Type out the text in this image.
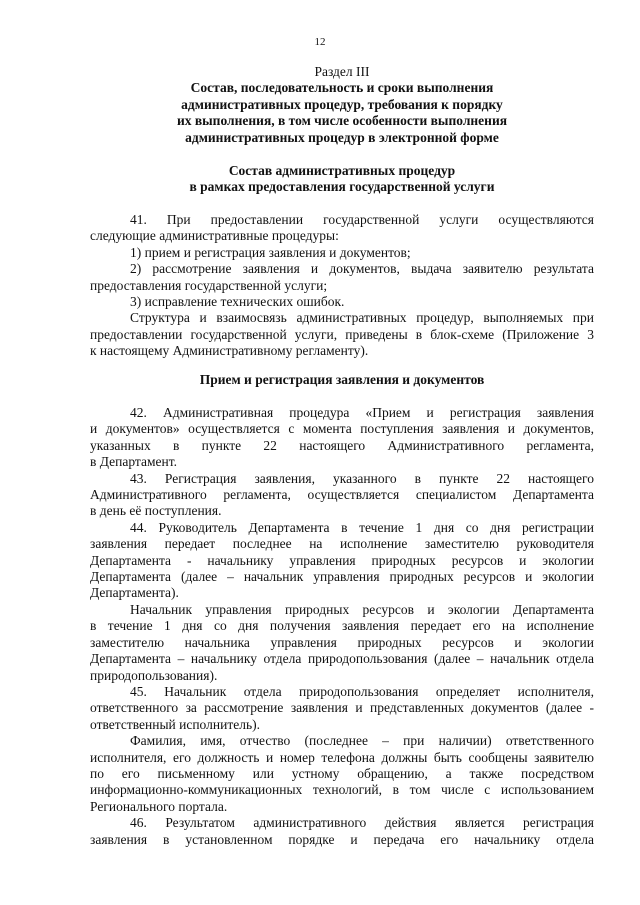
12
Раздел III
Состав, последовательность и сроки выполнения
административных процедур, требования к порядку
их выполнения, в том числе особенности выполнения
административных процедур в электронной форме
Состав административных процедур
в рамках предоставления государственной услуги

41. При предоставлении государственной услуги осуществляются
следующие административные процедуры:

1) прием и регистрация заявления и документов;

2) рассмотрение заявления и документов, выдача заявителю результата
предоставления государственной услуги;

3) исправление технических ошибок.

Структура и взаимосвязь административных процедур, выполняемых при
предоставлении государственной услуги, приведены в блок-схеме (Приложение 3
к настоящему Административному регламенту).

Прием и регистрация заявления и документов

42. Административная процедура «Прием и регистрация заявления
и документов» осуществляется с момента поступления заявления и документов,
указанных в пункте 22 настоящего Административного регламента,
в Департамент.

43. Регистрация заявления, указанного в пункте 22 настоящего
Административного регламента, осуществляется специалистом Департамента
в день её поступления.

44. Руководитель Департамента в течение 1 дня со дня регистрации
заявления передает последнее на исполнение заместителю руководителя
Департамента - начальнику управления природных ресурсов и экологии
Департамента (далее – начальник управления природных ресурсов и экологии
Департамента).

Начальник управления природных ресурсов и экологии Департамента
в течение 1 дня со дня получения заявления передает его на исполнение
заместителю начальника управления природных ресурсов и экологии
Департамента – начальнику отдела природопользования (далее – начальник отдела
природопользования).

45. Начальник отдела природопользования определяет исполнителя,
ответственного за рассмотрение заявления и представленных документов (далее -
ответственный исполнитель).

Фамилия, имя, отчество (последнее – при наличии) ответственного
исполнителя, его должность и номер телефона должны быть сообщены заявителю
по его письменному или устному обращению, а также посредством
информационно-коммуникационных технологий, в том числе с использованием
Регионального портала.

46. Результатом административного действия является регистрация
заявления в установленном порядке и передача его начальнику отдела
